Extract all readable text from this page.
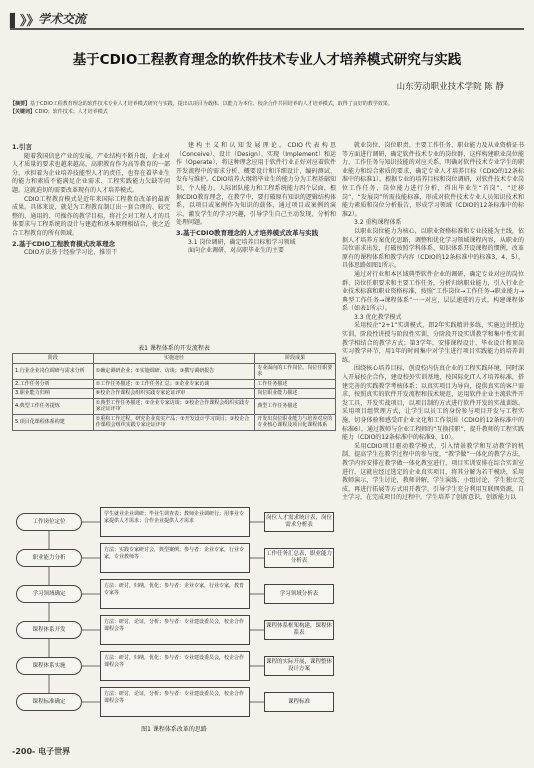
▌》》
学术交流
基于CDIO工程教育理念的软件技术专业人才培养模式研究与实践
山东劳动职业技术学院 陈 静
【摘要】基于CDIO工程教育理念的软件技术专业人才培养模式研究与实践，提出以项目为载体、以能力为本位、校企合作共同培养的人才培养模式，取得了良好的教学效果。
【关键词】CDIO；软件技术；人才培养模式
1.引言

随着我国信息产业的发展，产业结构不断升级，企业对人才质量的要求也越来越高。高职教育作为高等教育的一部分，承担着为企业培养技能型人才的责任，也存在着毕业生的能力和素质不能满足企业需求、工程实践能力欠缺等问题。这就迫切的需要改革现有的人才培养模式。

CDIO工程教育模式是近年来国际工程教育改革的最新成果。具体来说，就是为工程教育制订出一套合理的、较完整的、通用的、可操作的教学目标，将社会对工程人才的具体要求与工程系统的设计与建造和基本原理相结合，使之适合工程教育的所有领域。

2.基于CDIO工程教育模式改革理念

CDIO方法基于经验学习论，推崇干

建构主义和认知发展理论。CDIO代表构思（Conceive）、设计（Design）、实现（Implement）和运作（Operate），将这种理念应用于软件行业正好对应着软件开发流程中的需求分析、概要设计和详细设计、编码测试、发布与维护。CDIO培养大纲将毕业生的能力分为工程基础知识、个人能力、人际团队能力和工程系统能力四个层面，根据CDIO教育理念，在教学中，要打破原有知识的逻辑结构体系，以项目或案例作为知识的载体，通过项目或案例的演示，激发学生的学习兴趣，引导学生自己主动发现、分析和处理问题。

3.基于CDIO教育理念的人才培养模式改革与实践

3.1 岗位调研，确定培养目标和学习领域

面向企业调研，对高职毕业生的主要

就业岗位、岗位职责、主要工作任务、职业能力及从业资格证书等方面进行调研，确定软件技术专业的岗位群，这样构建职业岗位能力、工作任务与知识技能的对应关系，明确对软件技术专业学生的职业能力和综合素质的要求，确定专业人才培养目标（CDIO的12条标准中的标准1）。根据专业的培养目标和岗位调研，对软件技术专业岗位工作任务、岗位能力进行分析，得出毕业生“首岗”、“迁移岗”、“发展岗”所需技能标准，形成对软件技术专业人员知识技术和能力素质和岗位分析报告，形成学习领域（CDIO的12条标准中的标准2）。

3.2 重构课程体系

以职业岗位能力为核心，以职业资格标准和专业技能为主线，依据人才培养方案优化思路，调整和优化学习领域课程内容，从职业的岗位需求出发，打破按照学科体系、知识体系开设课程的惯例，改革原有的课程体系和教学内容（CDIO的12条标准中的标准3、4、5），具体思路如图1所示。

通过对行业和本区域典型软件企业的调研，确定专业对应的岗位群、岗位任职要求和主要工作任务，分析归纳职业能力，引入行业企业技术标准和职业资格标准，按照“工作岗位→工作任务→职业能力→典型工作任务→课程体系”一一对应，层层递进的方式，构建课程体系（如表1所示）。

3.3 优化教学模式

采用校企“2+1”实训模式，即2年实践精讲多练，实施边讲授边实训，阶段性讲授与阶段性实训，分阶段开设实训教学和集中性实训教学相结合的教学方式；第3学年，安排课程设计、毕业设计和顶岗实习教学环节，用1年的时间集中对学生进行项目实践能力的培养训练。

围绕核心培养目标，创设校内仿真企业的工程实践环境，同时深入开展校企合作，建设校外实训基地，按国际化IT人才培养标准，搭建完善的实践教学考核体系；以真实项目为导向，提供真实的客户需求，按照真实的软件开发流程和技术规范，运用软件企业主流软件开发工具，开发实战项目，以项目制的方式进行软件开发的实战训练。采用项目组管理方式，让学生以员工的身份参与项目开发与工程实施，切身体验和感受IT企业文化和工作氛围（CDIO的12条标准中的标准6），通过教师与企业工程师的“互换挂职”，提升教师的工程实践能力（CDIO的12条标准中的标准9、10）。

采用CDIO项目驱动教学模式，引入情景教学和互动教学的机制，提高学生在教学过程中的参与度，“教学做”一体化的教学方法，教学内容安排在教学做一体化教室进行，项目实训安排在综合实训室进行，这就应经过选定的企业真实项目，将其分解为若干模块，采用教师演示，学生讨论，教师讲解，学生演练，小组讨论，学生独立完成，再进行拓展等方式用开教学，引导学生充分利用互联网资源，自主学习，在完成项目的过程中，学生培养了创新意识，创新能力以

表1 课程体系的开发流程表
阶段	实施途径	阶段成果
1.行业企业岗位调研与需求分析	①确定调研企业；②实施调研、访谈；③撰写调研报告	专业面向的工作岗位、岗位任职要求
2.工作任务分析	①工作任务描述；②工作任务汇总；③企业专家访谈	工作任务描述
3.职业能力归纳	⑥校企合作课程会组织实践专家论证评审	岗位职业能力描述
4.典型工作任务提炼	①典型工作任务描述；②企业专家访谈；③校企合作课程会组织实践专家论证评审	典型工作任务描述
5.项目化课程体系构建	①重构工作过程，研究企业真实产品；②开发设计学习项目；③校企合作课程会组织实践专家论证评审	开发出岗位职业能力与培养对应的专业核心课程及项目化课程体系
工作岗位定位
学生就业企业调研；毕业生调查表；教师企业调研行；用事业专家提供人才需求；合作企业提供人才需求	岗位人才需求统计表，岗位需求分析表
职业能力分析
方法：实践专家研讨会，典型案例；参与者：企业专家，行业专家，专业教师等	工作任务汇总表，职业能力分析表
学习领域确定
方法：研讨，归纳，优化；参与者：企业专家，行业专家，教育专家等	学习领域分析表
课程体系开发
方法：研讨，论证，分析；参与者：专业建设委员会，校企合作课程会等	课程体系框架构建，课程体系表
课程体系实施
方法：研讨，归纳，优化；参与者：专业建设委员会，校企合作课程会等	课程的实际开展，课程整体设计方案
课程标准确定
方法：研讨，论证，分析；参与者：专业建设委员会，校企合作课程会等	课程标准
图1 课程体系改革的思路
-200- 电子世界
